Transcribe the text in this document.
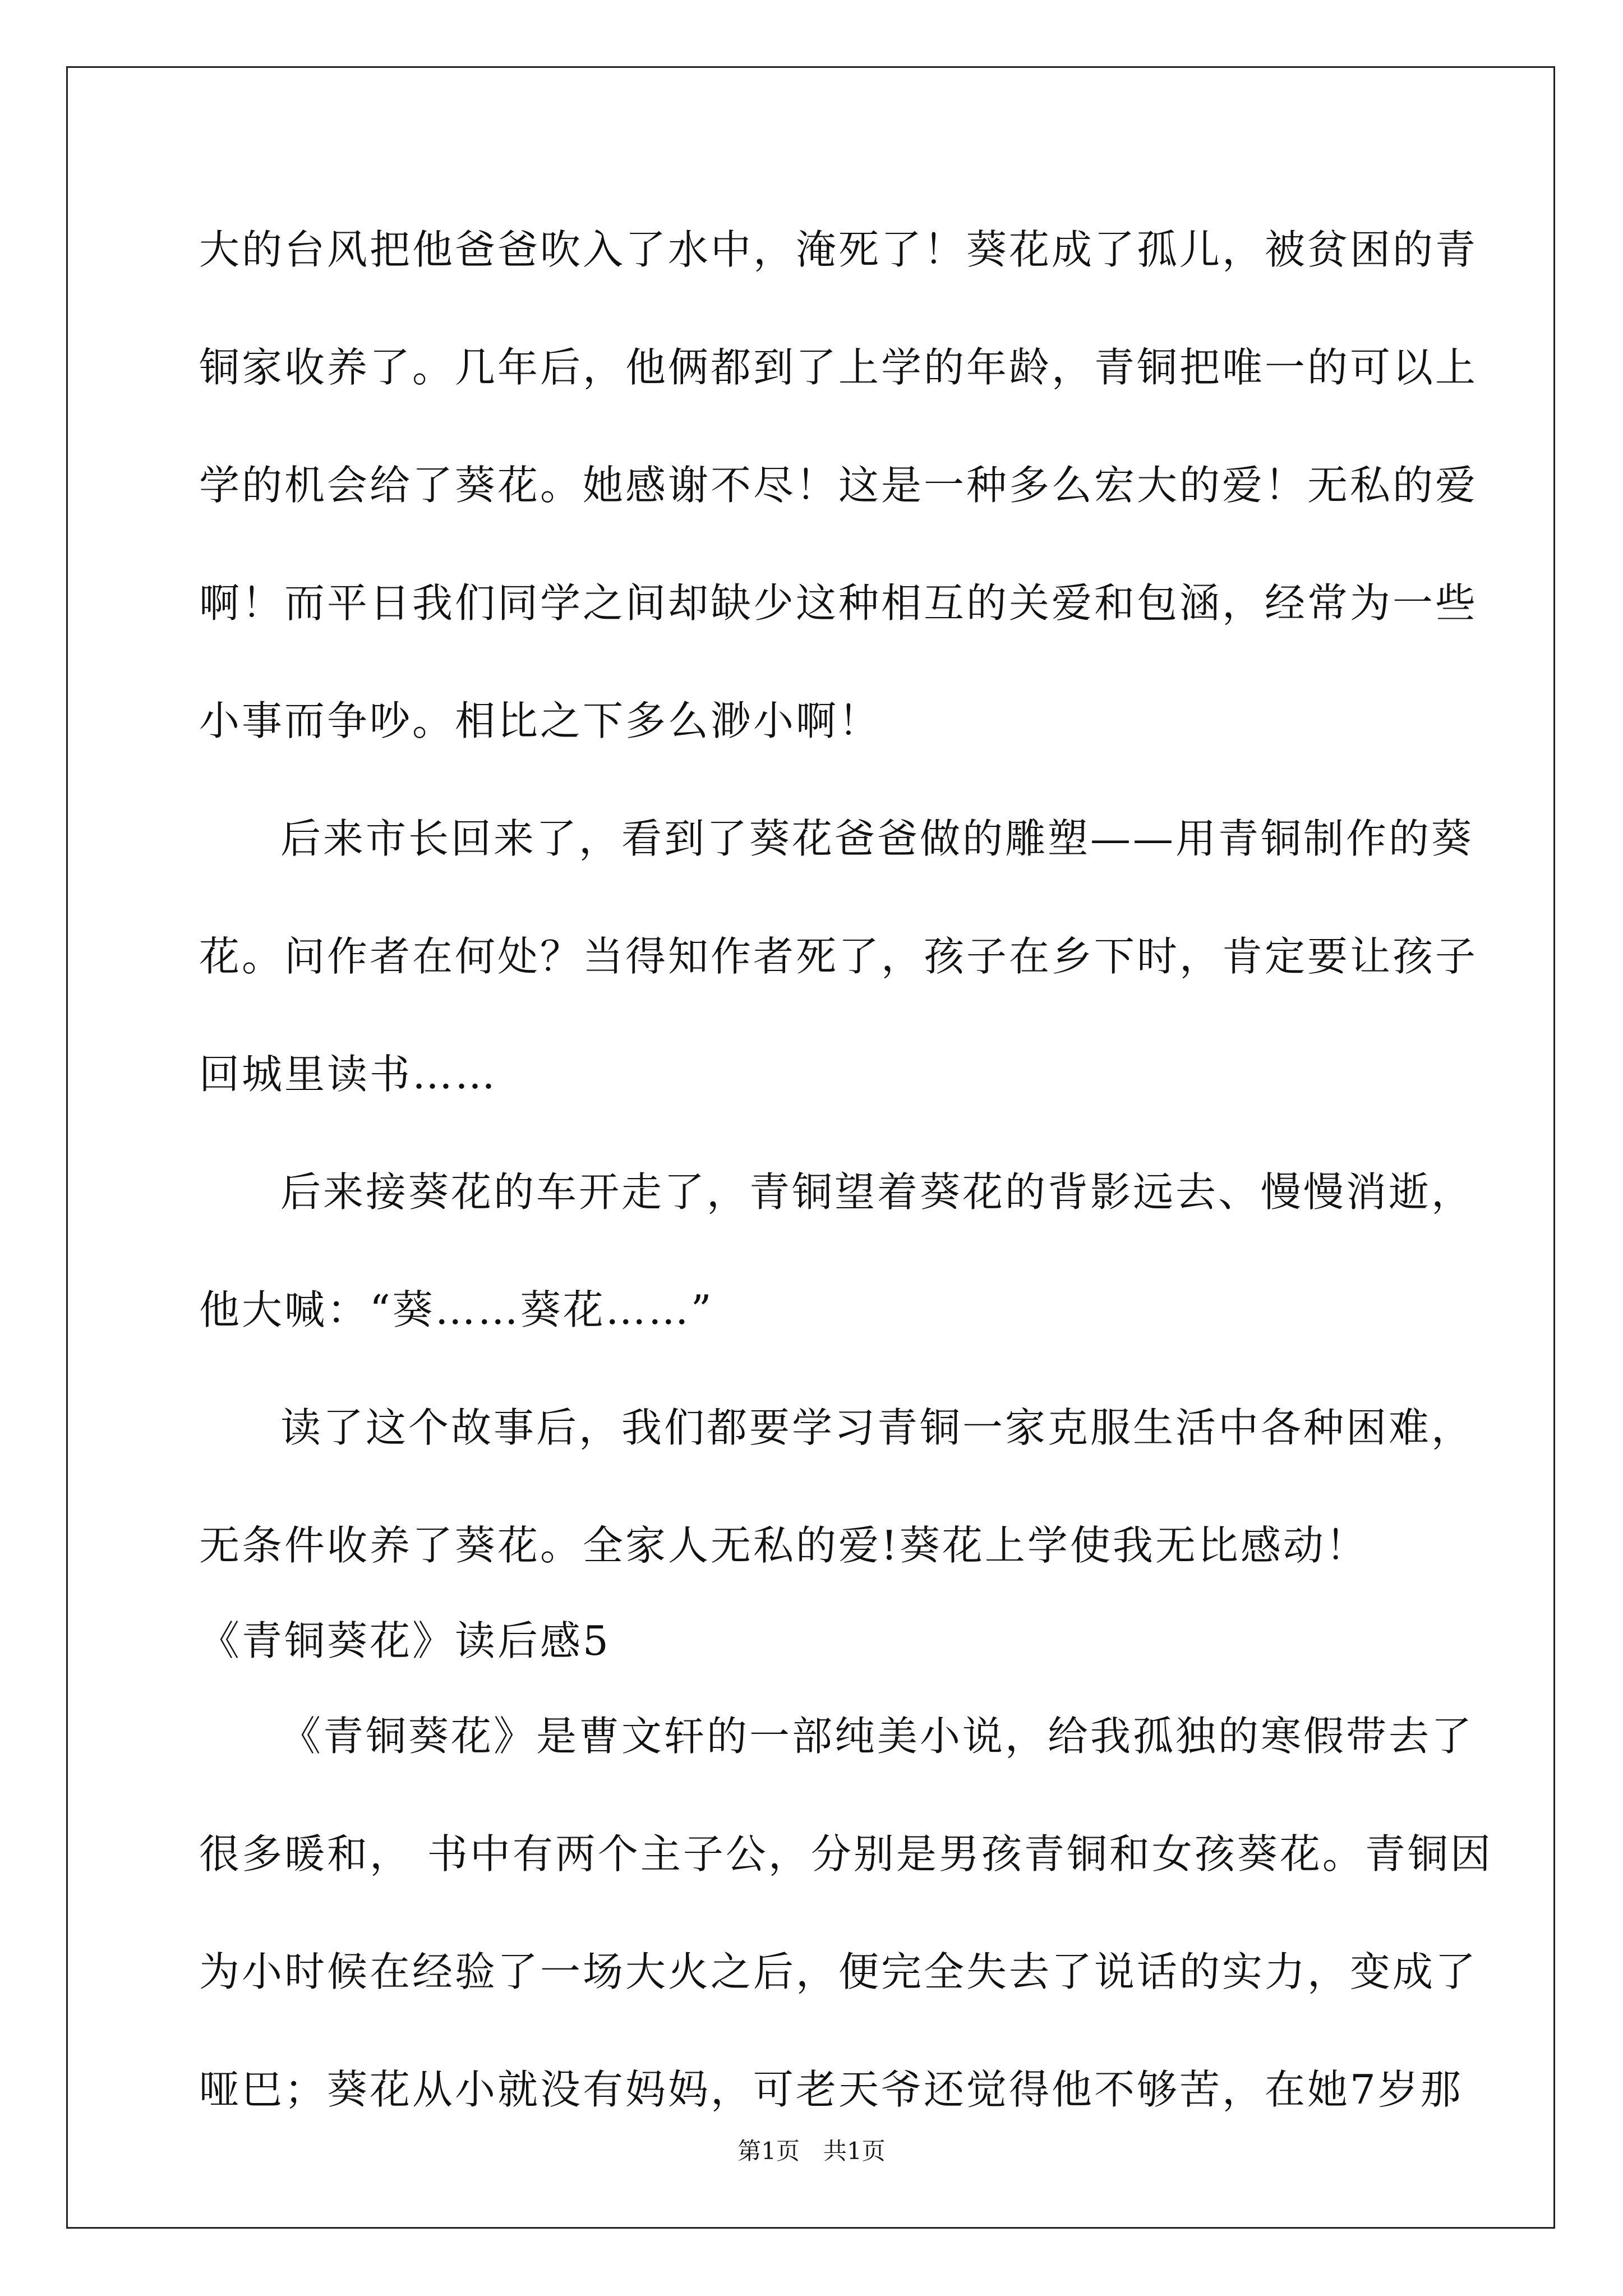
大的台风把他爸爸吹入了水中，淹死了！葵花成了孤儿，被贫困的青
铜家收养了。几年后，他俩都到了上学的年龄，青铜把唯一的可以上
学的机会给了葵花。她感谢不尽！这是一种多么宏大的爱！无私的爱
啊！而平日我们同学之间却缺少这种相互的关爱和包涵，经常为一些
小事而争吵。相比之下多么渺小啊！
后来市长回来了，看到了葵花爸爸做的雕塑——用青铜制作的葵
花。问作者在何处？当得知作者死了，孩子在乡下时，肯定要让孩子
回城里读书……
后来接葵花的车开走了，青铜望着葵花的背影远去、慢慢消逝，
他大喊：“葵……葵花……”
读了这个故事后，我们都要学习青铜一家克服生活中各种困难，
无条件收养了葵花。全家人无私的爱!葵花上学使我无比感动！
《青铜葵花》读后感5
《青铜葵花》是曹文轩的一部纯美小说，给我孤独的寒假带去了
很多暖和， 书中有两个主子公，分别是男孩青铜和女孩葵花。青铜因
为小时候在经验了一场大火之后，便完全失去了说话的实力，变成了
哑巴；葵花从小就没有妈妈，可老天爷还觉得他不够苦，在她7岁那
第1页　共1页
